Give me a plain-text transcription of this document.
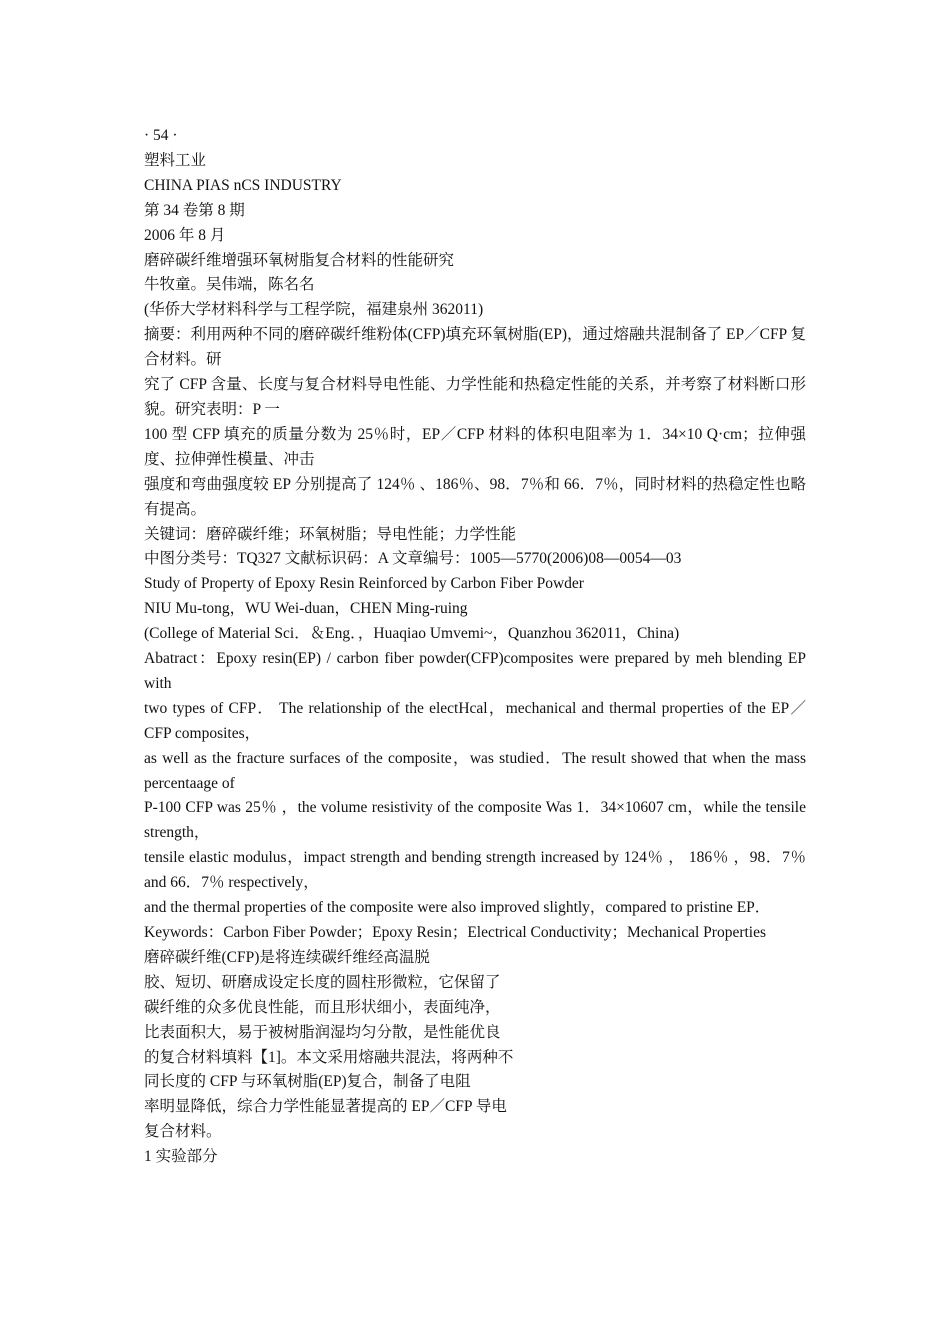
· 54 ·
塑料工业
CHINA PIAS nCS INDUSTRY
第 34 卷第 8 期
2006 年 8 月
磨碎碳纤维增强环氧树脂复合材料的性能研究
牛牧童。吴伟端，陈名名
(华侨大学材料科学与工程学院，福建泉州 362011)
摘要：利用两种不同的磨碎碳纤维粉体(CFP)填充环氧树脂(EP)，通过熔融共混制备了 EP／CFP 复合材料。研
究了 CFP 含量、长度与复合材料导电性能、力学性能和热稳定性能的关系，并考察了材料断口形貌。研究表明：P 一
100 型 CFP 填充的质量分数为 25％时，EP／CFP 材料的体积电阻率为 1．34×10 Q·cm；拉伸强度、拉伸弹性模量、冲击
强度和弯曲强度较 EP 分别提高了 124％ 、186％、98．7％和 66．7％，同时材料的热稳定性也略有提高。
关键词：磨碎碳纤维；环氧树脂；导电性能；力学性能
中图分类号：TQ327 文献标识码：A 文章编号：1005—5770(2006)08—0054—03
Study of Property of Epoxy Resin Reinforced by Carbon Fiber Powder
NIU Mu-tong，WU Wei-duan，CHEN Ming-ruing
(College of Material Sci．＆Eng．，Huaqiao Umvemi~，Quanzhou 362011，China)
Abatract：Epoxy resin(EP) / carbon fiber powder(CFP)composites were prepared by meh blending EP with
two types of CFP． The relationship of the electHcal，mechanical and thermal properties of the EP／CFP composites，
as well as the fracture surfaces of the composite，was studied．The result showed that when the mass percentaage of
P-100 CFP was 25％ ，the volume resistivity of the composite Was 1．34×10607 cm，while the tensile strength，
tensile elastic modulus，impact strength and bending strength increased by 124％ ， 186％ ，98．7％ and 66．7％ respectively，
and the thermal properties of the composite were also improved slightly，compared to pristine EP．
Keywords：Carbon Fiber Powder；Epoxy Resin；Electrical Conductivity；Mechanical Properties
磨碎碳纤维(CFP)是将连续碳纤维经高温脱
胶、短切、研磨成设定长度的圆柱形微粒，它保留了
碳纤维的众多优良性能，而且形状细小，表面纯净，
比表面积大，易于被树脂润湿均匀分散，是性能优良
的复合材料填料【1]。本文采用熔融共混法，将两种不
同长度的 CFP 与环氧树脂(EP)复合，制备了电阻
率明显降低，综合力学性能显著提高的 EP／CFP 导电
复合材料。
1 实验部分
